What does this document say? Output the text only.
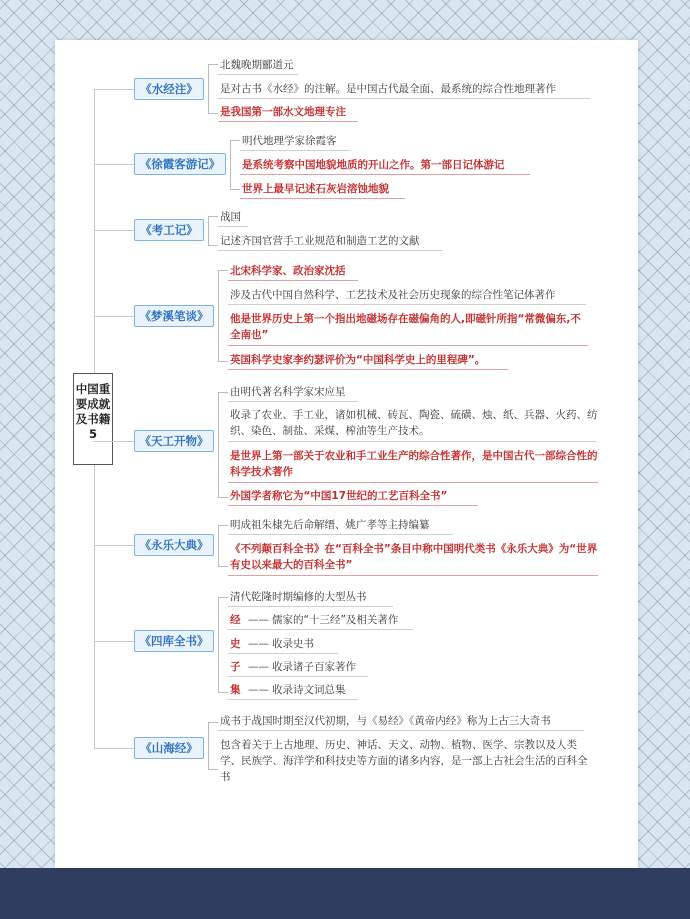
中国重要成就及书籍5
《水经注》
北魏晚期郦道元
是对古书《水经》的注解。是中国古代最全面、最系统的综合性地理著作
是我国第一部水文地理专注
《徐霞客游记》
明代地理学家徐霞客
是系统考察中国地貌地质的开山之作。第一部日记体游记
世界上最早记述石灰岩溶蚀地貌
《考工记》
战国
记述齐国官营手工业规范和制造工艺的文献
《梦溪笔谈》
北宋科学家、政治家沈括
涉及古代中国自然科学、工艺技术及社会历史现象的综合性笔记体著作
他是世界历史上第一个指出地磁场存在磁偏角的人,即磁针所指“常微偏东,不全南也”
英国科学史家李约瑟评价为“中国科学史上的里程碑”。
《天工开物》
由明代著名科学家宋应星
收录了农业、手工业，诸如机械、砖瓦、陶瓷、硫磺、烛、纸、兵器、火药、纺织、染色、制盐、采煤、榨油等生产技术。
是世界上第一部关于农业和手工业生产的综合性著作，是中国古代一部综合性的科学技术著作
外国学者称它为“中国17世纪的工艺百科全书”
《永乐大典》
明成祖朱棣先后命解缙、姚广孝等主持编纂
《不列颠百科全书》在“百科全书”条目中称中国明代类书《永乐大典》为“世界有史以来最大的百科全书”
《四库全书》
清代乾隆时期编修的大型丛书
经 —— 儒家的“十三经”及相关著作
史 —— 收录史书
子 —— 收录诸子百家著作
集 —— 收录诗文词总集
《山海经》
成书于战国时期至汉代初期，与《易经》《黄帝内经》称为上古三大奇书
包含着关于上古地理、历史、神话、天文、动物、植物、医学、宗教以及人类学、民族学、海洋学和科技史等方面的诸多内容，是一部上古社会生活的百科全书
